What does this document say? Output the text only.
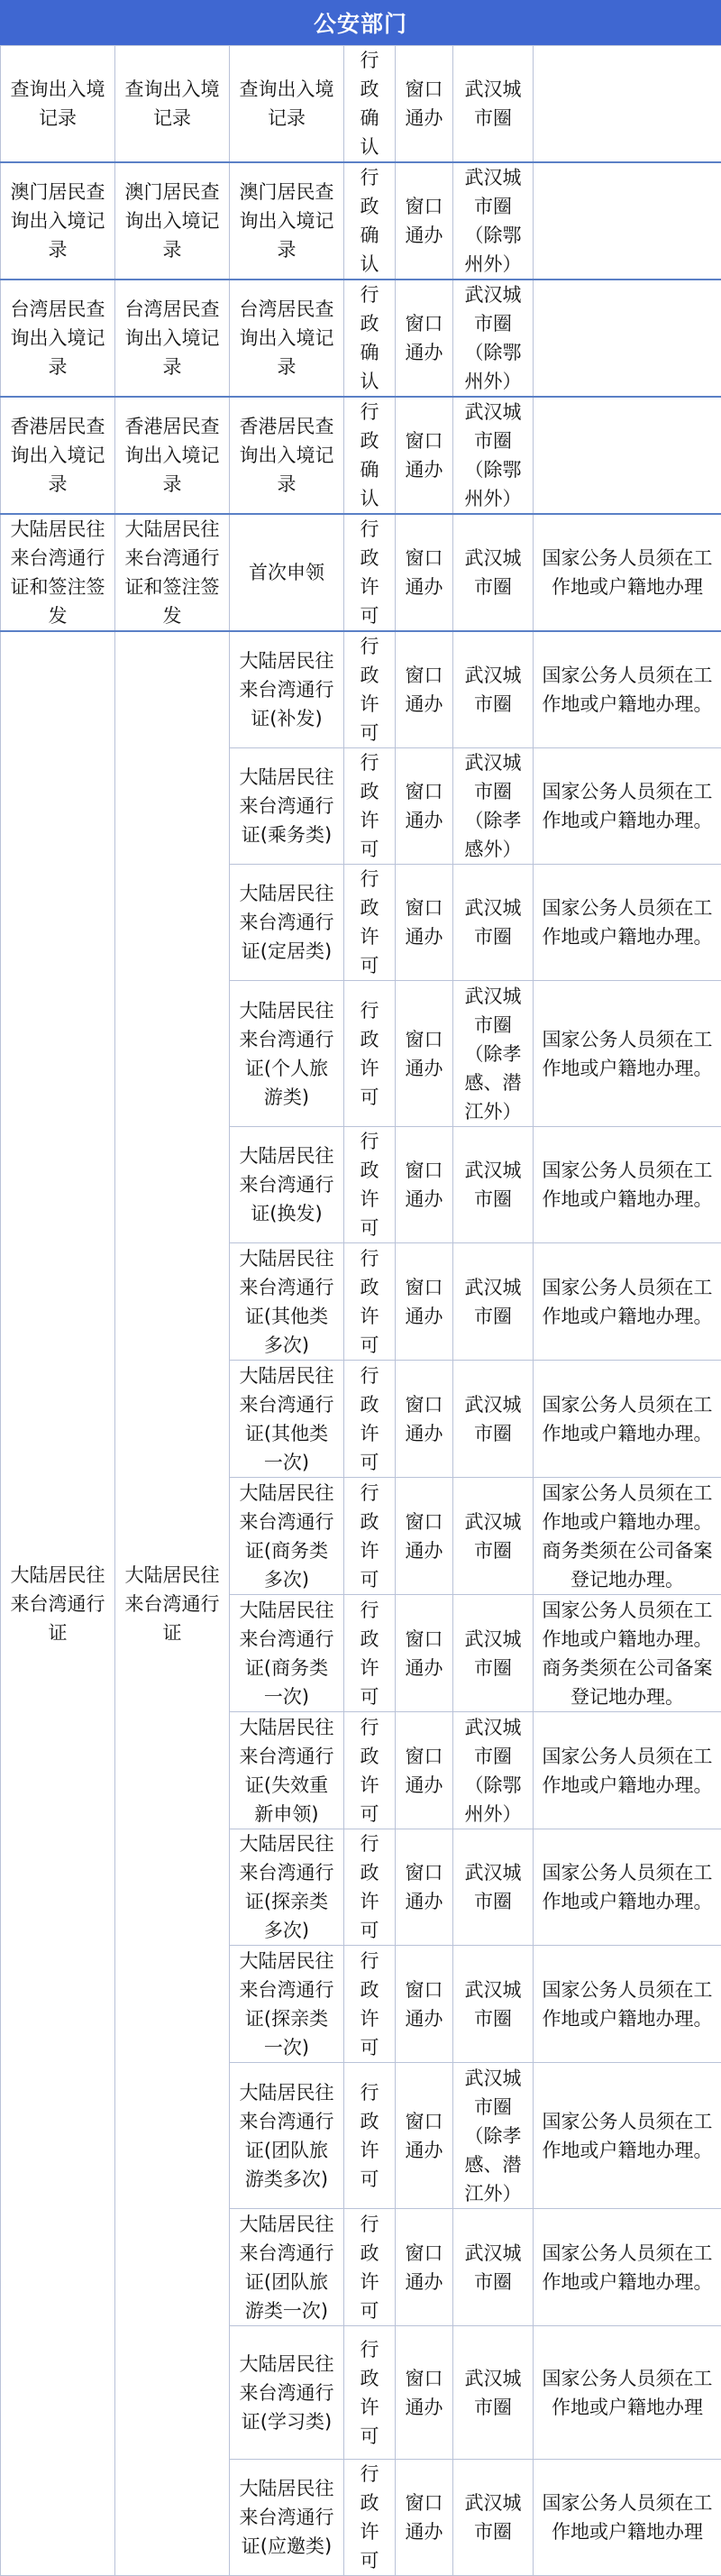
公安部门
查询出入境记录	查询出入境记录	查询出入境记录	行政确认	窗口通办	武汉城市圈	
澳门居民查询出入境记录	澳门居民查询出入境记录	澳门居民查询出入境记录	行政确认	窗口通办	武汉城市圈（除鄂州外）	
台湾居民查询出入境记录	台湾居民查询出入境记录	台湾居民查询出入境记录	行政确认	窗口通办	武汉城市圈（除鄂州外）	
香港居民查询出入境记录	香港居民查询出入境记录	香港居民查询出入境记录	行政确认	窗口通办	武汉城市圈（除鄂州外）	
大陆居民往来台湾通行证和签注签发	大陆居民往来台湾通行证和签注签发	首次申领	行政许可	窗口通办	武汉城市圈	国家公务人员须在工作地或户籍地办理
大陆居民往来台湾通行证	大陆居民往来台湾通行证	大陆居民往来台湾通行证(补发)	行政许可	窗口通办	武汉城市圈	国家公务人员须在工作地或户籍地办理。
		大陆居民往来台湾通行证(乘务类)	行政许可	窗口通办	武汉城市圈（除孝感外）	国家公务人员须在工作地或户籍地办理。
		大陆居民往来台湾通行证(定居类)	行政许可	窗口通办	武汉城市圈	国家公务人员须在工作地或户籍地办理。
		大陆居民往来台湾通行证(个人旅游类)	行政许可	窗口通办	武汉城市圈（除孝感、潜江外）	国家公务人员须在工作地或户籍地办理。
		大陆居民往来台湾通行证(换发)	行政许可	窗口通办	武汉城市圈	国家公务人员须在工作地或户籍地办理。
		大陆居民往来台湾通行证(其他类多次)	行政许可	窗口通办	武汉城市圈	国家公务人员须在工作地或户籍地办理。
		大陆居民往来台湾通行证(其他类一次)	行政许可	窗口通办	武汉城市圈	国家公务人员须在工作地或户籍地办理。
		大陆居民往来台湾通行证(商务类多次)	行政许可	窗口通办	武汉城市圈	国家公务人员须在工作地或户籍地办理。商务类须在公司备案登记地办理。
		大陆居民往来台湾通行证(商务类一次)	行政许可	窗口通办	武汉城市圈	国家公务人员须在工作地或户籍地办理。商务类须在公司备案登记地办理。
		大陆居民往来台湾通行证(失效重新申领)	行政许可	窗口通办	武汉城市圈（除鄂州外）	国家公务人员须在工作地或户籍地办理。
		大陆居民往来台湾通行证(探亲类多次)	行政许可	窗口通办	武汉城市圈	国家公务人员须在工作地或户籍地办理。
		大陆居民往来台湾通行证(探亲类一次)	行政许可	窗口通办	武汉城市圈	国家公务人员须在工作地或户籍地办理。
		大陆居民往来台湾通行证(团队旅游类多次)	行政许可	窗口通办	武汉城市圈（除孝感、潜江外）	国家公务人员须在工作地或户籍地办理。
		大陆居民往来台湾通行证(团队旅游类一次)	行政许可	窗口通办	武汉城市圈	国家公务人员须在工作地或户籍地办理。
		大陆居民往来台湾通行证(学习类)	行政许可	窗口通办	武汉城市圈	国家公务人员须在工作地或户籍地办理
		大陆居民往来台湾通行证(应邀类)	行政许可	窗口通办	武汉城市圈	国家公务人员须在工作地或户籍地办理
